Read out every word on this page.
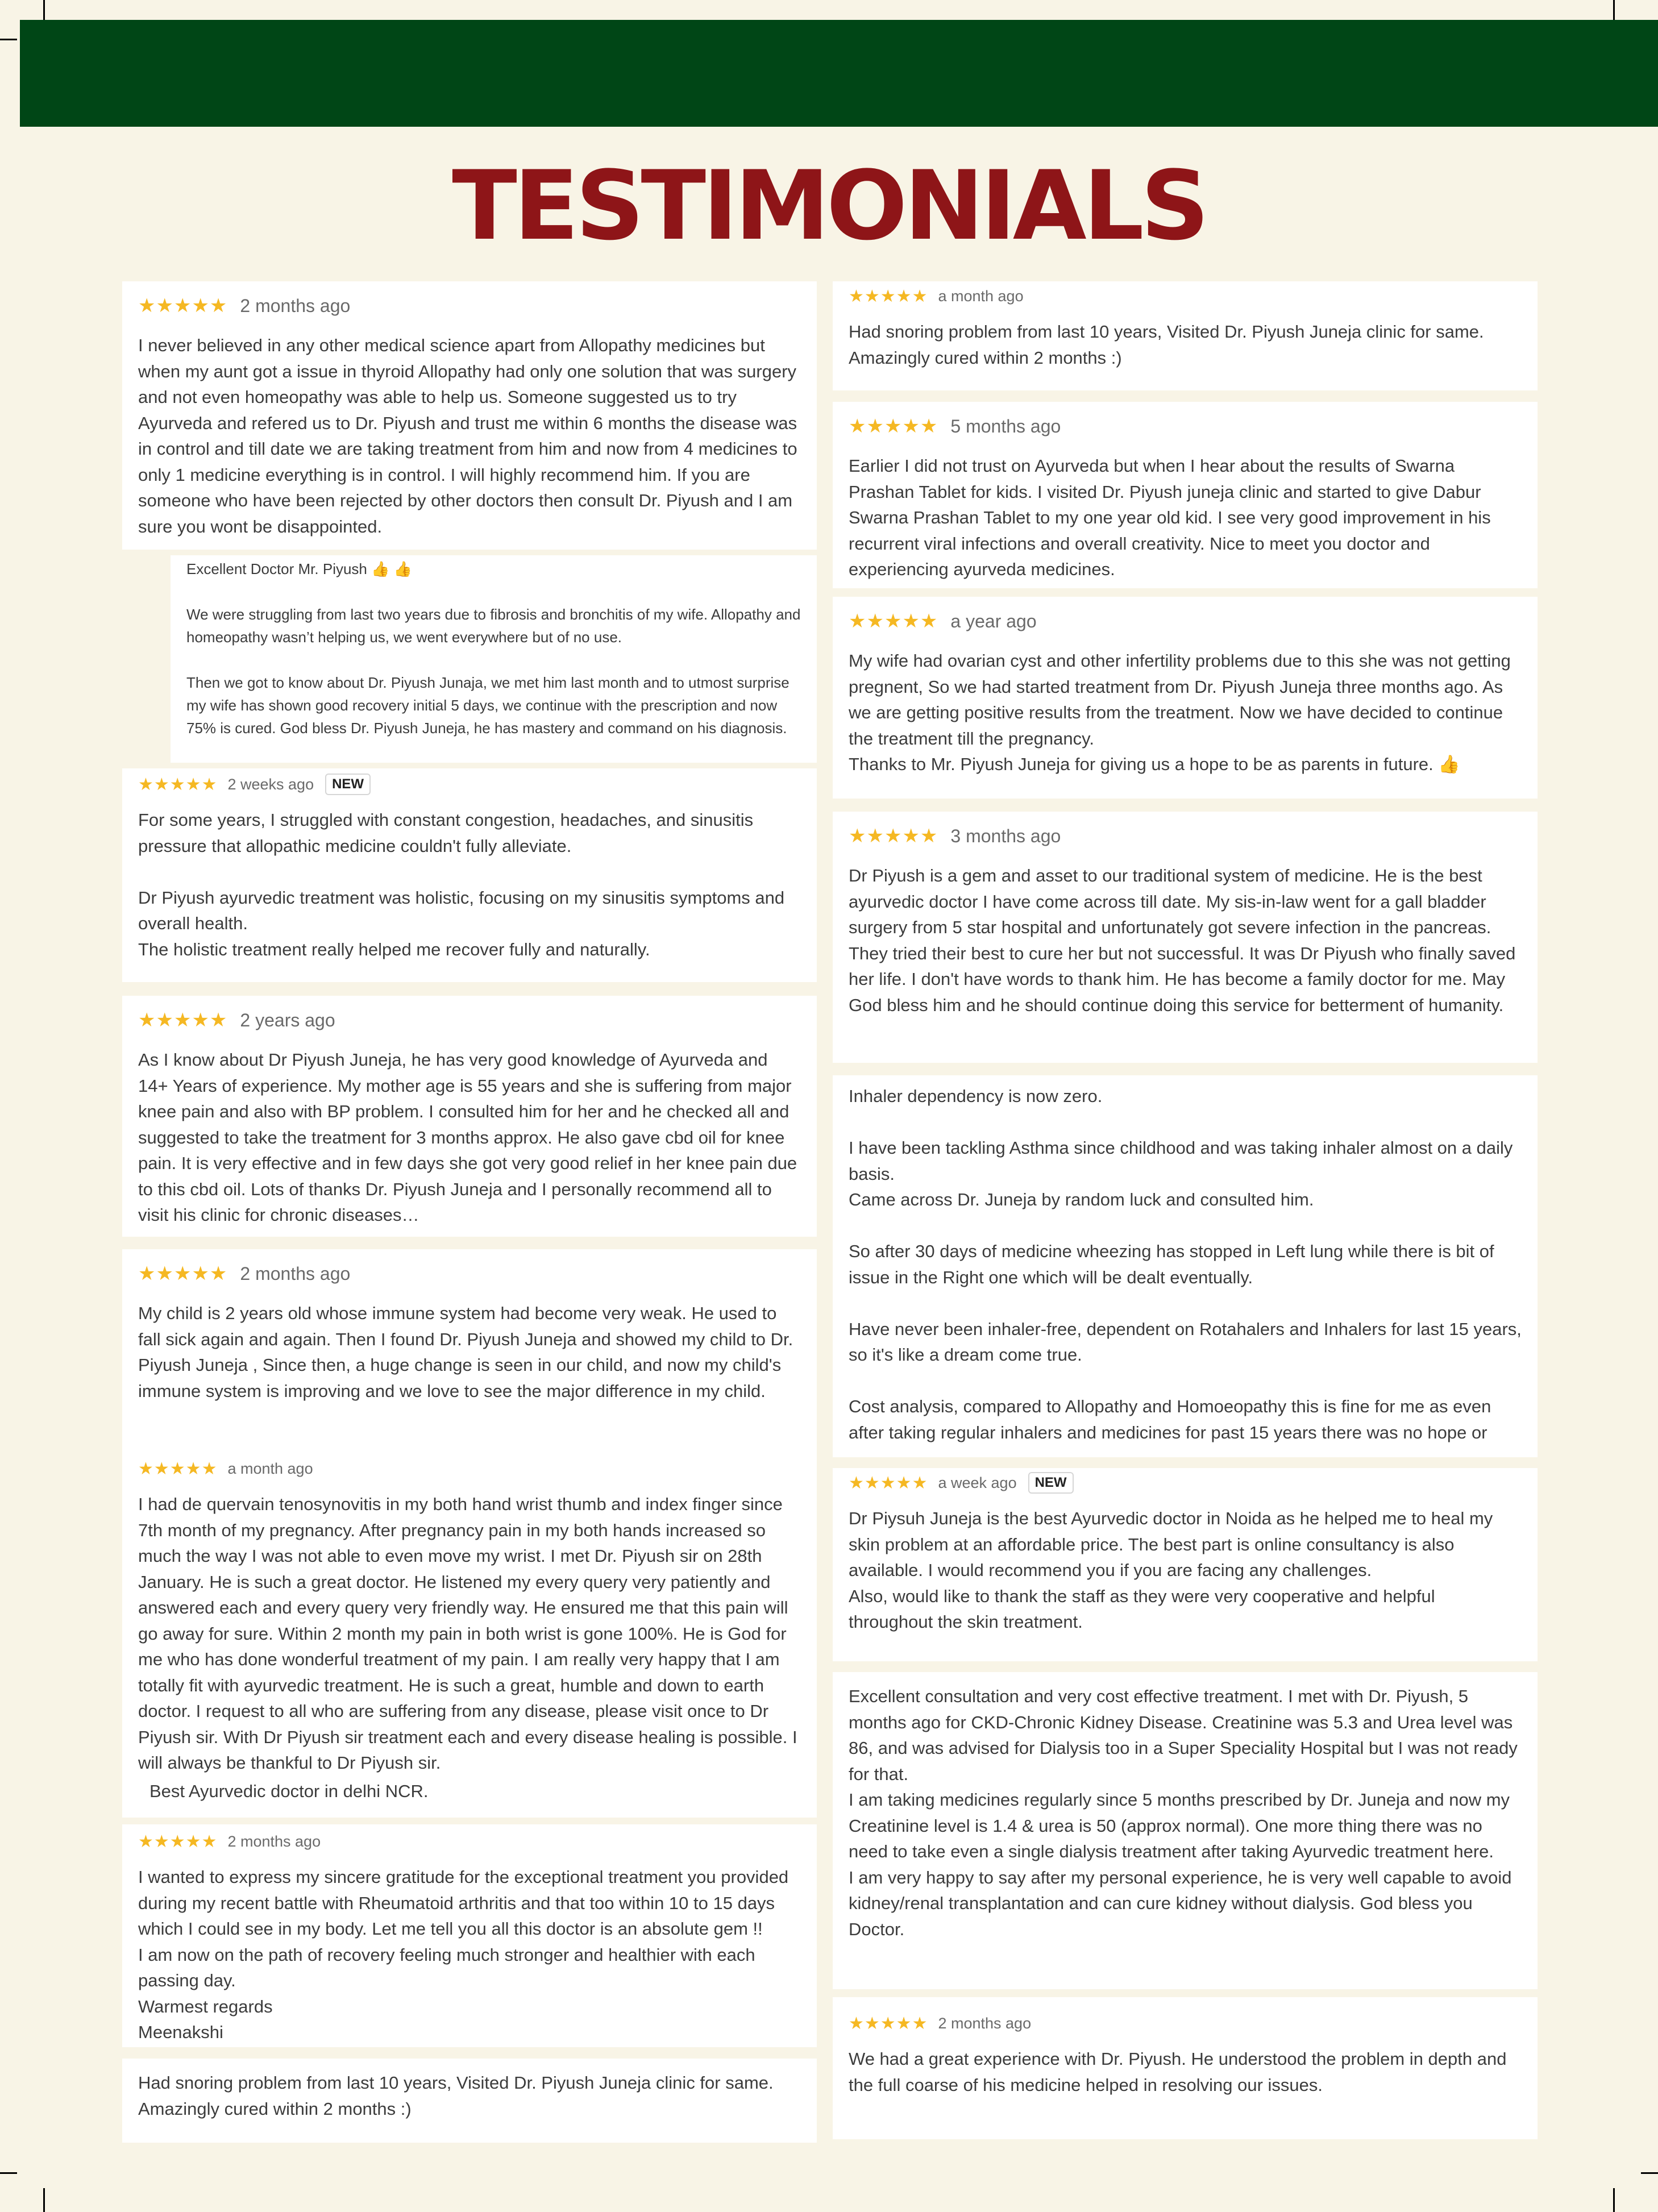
TESTIMONIALS
★★★★★ 2 months ago
I never believed in any other medical science apart from Allopathy medicines but when my aunt got a issue in thyroid Allopathy had only one solution that was surgery and not even homeopathy was able to help us. Someone suggested us to try Ayurveda and refered us to Dr. Piyush and trust me within 6 months the disease was in control and till date we are taking treatment from him and now from 4 medicines to only 1 medicine everything is in control. I will highly recommend him. If you are someone who have been rejected by other doctors then consult Dr. Piyush and I am sure you wont be disappointed.
Excellent Doctor Mr. Piyush 👍 👍

We were struggling from last two years due to fibrosis and bronchitis of my wife. Allopathy and homeopathy wasn’t helping us, we went everywhere but of no use.

Then we got to know about Dr. Piyush Junaja, we met him last month and to utmost surprise my wife has shown good recovery initial 5 days, we continue with the prescription and now 75% is cured. God bless Dr. Piyush Juneja, he has mastery and command on his diagnosis.
★★★★★ 2 weeks ago	NEW
For some years, I struggled with constant congestion, headaches, and sinusitis pressure that allopathic medicine couldn't fully alleviate.

Dr Piyush ayurvedic treatment was holistic, focusing on my sinusitis symptoms and overall health.
The holistic treatment really helped me recover fully and naturally.
★★★★★ 2 years ago
As I know about Dr Piyush Juneja, he has very good knowledge of Ayurveda and 14+ Years of experience. My mother age is 55 years and she is suffering from major knee pain and also with BP problem. I consulted him for her and he checked all and suggested to take the treatment for 3 months approx. He also gave cbd oil for knee pain. It is very effective and in few days she got very good relief in her knee pain due to this cbd oil. Lots of thanks Dr. Piyush Juneja and I personally recommend all to visit his clinic for chronic diseases…
★★★★★ 2 months ago
My child is 2 years old whose immune system had become very weak. He used to fall sick again and again. Then I found Dr. Piyush Juneja and showed my child to Dr. Piyush Juneja , Since then, a huge change is seen in our child, and now my child's immune system is improving and we love to see the major difference in my child.
★★★★★ a month ago
I had de quervain tenosynovitis in my both hand wrist thumb and index finger since 7th month of my pregnancy. After pregnancy pain in my both hands increased so much the way I was not able to even move my wrist. I met Dr. Piyush sir on 28th January. He is such a great doctor. He listened my every query very patiently and answered each and every query very friendly way. He ensured me that this pain will go away for sure. Within 2 month my pain in both wrist is gone 100%. He is God for me who has done wonderful treatment of my pain. I am really very happy that I am totally fit with ayurvedic treatment. He is such a great, humble and down to earth doctor. I request to all who are suffering from any disease, please visit once to Dr Piyush sir. With Dr Piyush sir treatment each and every disease healing is possible. I will always be thankful to Dr Piyush sir.
Best Ayurvedic doctor in delhi NCR.
★★★★★ 2 months ago
I wanted to express my sincere gratitude for the exceptional treatment you provided during my recent battle with Rheumatoid arthritis and that too within 10 to 15 days which I could see in my body. Let me tell you all this doctor is an absolute gem !!
I am now on the path of recovery feeling much stronger and healthier with each passing day.
Warmest regards
Meenakshi
Had snoring problem from last 10 years, Visited Dr. Piyush Juneja clinic for same. Amazingly cured within 2 months :)
★★★★★ a month ago
Had snoring problem from last 10 years, Visited Dr. Piyush Juneja clinic for same. Amazingly cured within 2 months :)
★★★★★ 5 months ago
Earlier I did not trust on Ayurveda but when I hear about the results of Swarna Prashan Tablet for kids. I visited Dr. Piyush juneja clinic and started to give Dabur Swarna Prashan Tablet to my one year old kid. I see very good improvement in his recurrent viral infections and overall creativity. Nice to meet you doctor and experiencing ayurveda medicines.
★★★★★ a year ago
My wife had ovarian cyst and other infertility problems due to this she was not getting pregnent, So we had started treatment from Dr. Piyush Juneja three months ago. As we are getting positive results from the treatment. Now we have decided to continue the treatment till the pregnancy.
Thanks to Mr. Piyush Juneja for giving us a hope to be as parents in future. 👍
★★★★★ 3 months ago
Dr Piyush is a gem and asset to our traditional system of medicine. He is the best ayurvedic doctor I have come across till date. My sis-in-law went for a gall bladder surgery from 5 star hospital and unfortunately got severe infection in the pancreas. They tried their best to cure her but not successful. It was Dr Piyush who finally saved her life. I don't have words to thank him. He has become a family doctor for me. May God bless him and he should continue doing this service for betterment of humanity.
Inhaler dependency is now zero.

I have been tackling Asthma since childhood and was taking inhaler almost on a daily basis.
Came across Dr. Juneja by random luck and consulted him.

So after 30 days of medicine wheezing has stopped in Left lung while there is bit of issue in the Right one which will be dealt eventually.

Have never been inhaler-free, dependent on Rotahalers and Inhalers for last 15 years, so it's like a dream come true.

Cost analysis, compared to Allopathy and Homoeopathy this is fine for me as even after taking regular inhalers and medicines for past 15 years there was no hope or
★★★★★ a week ago	NEW
Dr Piysuh Juneja is the best Ayurvedic doctor in Noida as he helped me to heal my skin problem at an affordable price. The best part is online consultancy is also available. I would recommend you if you are facing any challenges.
Also, would like to thank the staff as they were very cooperative and helpful throughout the skin treatment.
Excellent consultation and very cost effective treatment. I met with Dr. Piyush, 5 months ago for CKD-Chronic Kidney Disease. Creatinine was 5.3 and Urea level was 86, and was advised for Dialysis too in a Super Speciality Hospital but I was not ready for that.
I am taking medicines regularly since 5 months prescribed by Dr. Juneja and now my Creatinine level is 1.4 & urea is 50 (approx normal). One more thing there was no need to take even a single dialysis treatment after taking Ayurvedic treatment here.
I am very happy to say after my personal experience, he is very well capable to avoid kidney/renal transplantation and can cure kidney without dialysis. God bless you Doctor.
★★★★★ 2 months ago
We had a great experience with Dr. Piyush. He understood the problem in depth and the full coarse of his medicine helped in resolving our issues.
